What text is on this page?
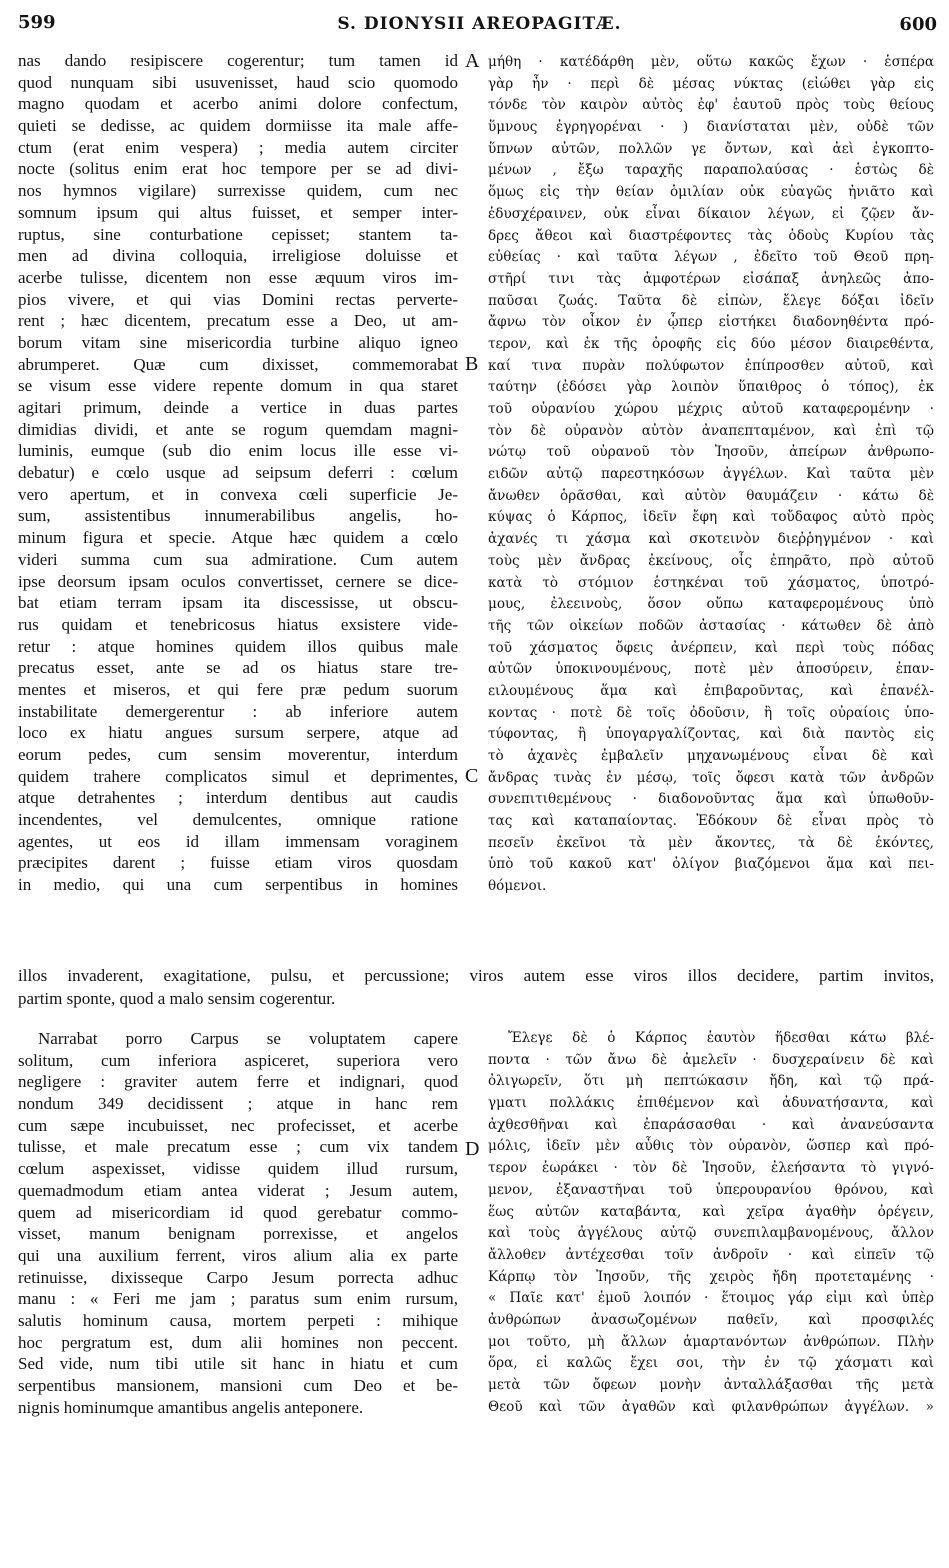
599	S. DIONYSII AREOPAGITÆ.	600
A
B
C
D
nas dando resipiscere cogerentur; tum tamen id
quod nunquam sibi usuvenisset, haud scio quomodo
magno quodam et acerbo animi dolore confectum,
quieti se dedisse, ac quidem dormiisse ita male affe-
ctum (erat enim vespera) ; media autem circiter
nocte (solitus enim erat hoc tempore per se ad divi-
nos hymnos vigilare) surrexisse quidem, cum nec
somnum ipsum qui altus fuisset, et semper inter-
ruptus, sine conturbatione cepisset; stantem ta-
men ad divina colloquia, irreligiose doluisse et
acerbe tulisse, dicentem non esse æquum viros im-
pios vivere, et qui vias Domini rectas perverte-
rent ; hæc dicentem, precatum esse a Deo, ut am-
borum vitam sine misericordia turbine aliquo igneo
abrumperet. Quæ cum dixisset, commemorabat
se visum esse videre repente domum in qua staret
agitari primum, deinde a vertice in duas partes
dimidias dividi, et ante se rogum quemdam magni-
luminis, eumque (sub dio enim locus ille esse vi-
debatur) e cœlo usque ad seipsum deferri : cœlum
vero apertum, et in convexa cœli superficie Je-
sum, assistentibus innumerabilibus angelis, ho-
minum figura et specie. Atque hæc quidem a cœlo
videri summa cum sua admiratione. Cum autem
ipse deorsum ipsam oculos convertisset, cernere se dice-
bat etiam terram ipsam ita discessisse, ut obscu-
rus quidam et tenebricosus hiatus exsistere vide-
retur : atque homines quidem illos quibus male
precatus esset, ante se ad os hiatus stare tre-
mentes et miseros, et qui fere præ pedum suorum
instabilitate demergerentur : ab inferiore autem
loco ex hiatu angues sursum serpere, atque ad
eorum pedes, cum sensim moverentur, interdum
quidem trahere complicatos simul et deprimentes,
atque detrahentes ; interdum dentibus aut caudis
incendentes, vel demulcentes, omnique ratione
agentes, ut eos id illam immensam voraginem
præcipites darent ; fuisse etiam viros quosdam
in medio, qui una cum serpentibus in homines
μήθη · κατέδάρθη μὲν, οὕτω κακῶς ἔχων · ἑσπέρα
γὰρ ἦν · περὶ δὲ μέσας νύκτας (εἰώθει γὰρ εἰς
τόνδε τὸν καιρὸν αὐτὸς ἐφ' ἑαυτοῦ πρὸς τοὺς θείους
ὕμνους ἐγρηγορέναι · ) διανίσταται μὲν, οὐδὲ τῶν
ὕπνων αὐτῶν, πολλῶν γε ὄντων, καὶ ἀεὶ ἐγκοπτο-
μένων , ἔξω ταραχῆς παραπολαύσας · ἑστὼς δὲ
ὅμως εἰς τὴν θείαν ὁμιλίαν οὐκ εὐαγῶς ἠνιᾶτο καὶ
ἐδυσχέραινεν, οὐκ εἶναι δίκαιον λέγων, εἰ ζῷεν ἄν-
δρες ἄθεοι καὶ διαστρέφοντες τὰς ὁδοὺς Κυρίου τὰς
εὐθείας · καὶ ταῦτα λέγων , ἐδεῖτο τοῦ Θεοῦ πρη-
στῆρί τινι τὰς ἀμφοτέρων εἰσάπαξ ἀνηλεῶς ἀπο-
παῦσαι ζωάς. Ταῦτα δὲ εἰπὼν, ἔλεγε δόξαι ἰδεῖν
ἄφνω τὸν οἶκον ἐν ᾧπερ εἱστήκει διαδονηθέντα πρό-
τερον, καὶ ἐκ τῆς ὀροφῆς εἰς δύο μέσον διαιρεθέντα,
καί τινα πυρὰν πολύφωτον ἐπίπροσθεν αὐτοῦ, καὶ
ταύτην (ἐδόσει γὰρ λοιπὸν ὕπαιθρος ὁ τόπος), ἐκ
τοῦ οὐρανίου χώρου μέχρις αὐτοῦ καταφερομένην ·
τὸν δὲ οὐρανὸν αὐτὸν ἀναπεπταμένον, καὶ ἐπὶ τῷ
νώτῳ τοῦ οὐρανοῦ τὸν Ἰησοῦν, ἀπείρων ἀνθρωπο-
ειδῶν αὐτῷ παρεστηκόσων ἀγγέλων. Καὶ ταῦτα μὲν
ἄνωθεν ὁρᾶσθαι, καὶ αὐτὸν θαυμάζειν · κάτω δὲ
κύψας ὁ Κάρπος, ἰδεῖν ἔφη καὶ τοὔδαφος αὐτὸ πρὸς
ἀχανές τι χάσμα καὶ σκοτεινὸν διεῤῥηγμένον · καὶ
τοὺς μὲν ἄνδρας ἐκείνους, οἷς ἐπηρᾶτο, πρὸ αὐτοῦ
κατὰ τὸ στόμιον ἑστηκέναι τοῦ χάσματος, ὑποτρό-
μους, ἐλεεινοὺς, ὅσον οὔπω καταφερομένους ὑπὸ
τῆς τῶν οἰκείων ποδῶν ἀστασίας · κάτωθεν δὲ ἀπὸ
τοῦ χάσματος ὄφεις ἀνέρπειν, καὶ περὶ τοὺς πόδας
αὐτῶν ὑποκινουμένους, ποτὲ μὲν ἀποσύρειν, ἐπαν-
ειλουμένους ἅμα καὶ ἐπιβαροῦντας, καὶ ἐπανέλ-
κοντας · ποτὲ δὲ τοῖς ὀδοῦσιν, ἢ τοῖς οὐραίοις ὑπο-
τύφοντας, ἢ ὑπογαργαλίζοντας, καὶ διὰ παντὸς εἰς
τὸ ἀχανὲς ἐμβαλεῖν μηχανωμένους εἶναι δὲ καὶ
ἄνδρας τινὰς ἐν μέσῳ, τοῖς ὄφεσι κατὰ τῶν ἀνδρῶν
συνεπιτιθεμένους · διαδονοῦντας ἅμα καὶ ὑπωθοῦν-
τας καὶ καταπαίοντας. Ἐδόκουν δὲ εἶναι πρὸς τὸ
πεσεῖν ἐκεῖνοι τὰ μὲν ἄκοντες, τὰ δὲ ἑκόντες,
ὑπὸ τοῦ κακοῦ κατ' ὀλίγον βιαζόμενοι ἅμα καὶ πει-
θόμενοι.
illos invaderent, exagitatione, pulsu, et percussione; viros autem esse viros illos decidere, partim invitos,
partim sponte, quod a malo sensim cogerentur.
Narrabat porro Carpus se voluptatem capere
solitum, cum inferiora aspiceret, superiora vero
negligere : graviter autem ferre et indignari, quod
nondum 349 decidissent ; atque in hanc rem
cum sæpe incubuisset, nec profecisset, et acerbe
tulisse, et male precatum esse ; cum vix tandem
cœlum aspexisset, vidisse quidem illud rursum,
quemadmodum etiam antea viderat ; Jesum autem,
quem ad misericordiam id quod gerebatur commo-
visset, manum benignam porrexisse, et angelos
qui una auxilium ferrent, viros alium alia ex parte
retinuisse, dixisseque Carpo Jesum porrecta adhuc
manu : « Feri me jam ; paratus sum enim rursum,
salutis hominum causa, mortem perpeti : mihique
hoc pergratum est, dum alii homines non peccent.
Sed vide, num tibi utile sit hanc in hiatu et cum
serpentibus mansionem, mansioni cum Deo et be-
nignis hominumque amantibus angelis anteponere.
Ἔλεγε δὲ ὁ Κάρπος ἑαυτὸν ἥδεσθαι κάτω βλέ-
ποντα · τῶν ἄνω δὲ ἀμελεῖν · δυσχεραίνειν δὲ καὶ
ὀλιγωρεῖν, ὅτι μὴ πεπτώκασιν ἤδη, καὶ τῷ πρά-
γματι πολλάκις ἐπιθέμενον καὶ ἀδυνατήσαντα, καὶ
ἀχθεσθῆναι καὶ ἐπαράσασθαι · καὶ ἀνανεύσαντα
μόλις, ἰδεῖν μὲν αὖθις τὸν οὐρανὸν, ὥσπερ καὶ πρό-
τερον ἑωράκει · τὸν δὲ Ἰησοῦν, ἐλεήσαντα τὸ γιγνό-
μενον, ἐξαναστῆναι τοῦ ὑπερουρανίου θρόνου, καὶ
ἕως αὐτῶν καταβάντα, καὶ χεῖρα ἀγαθὴν ὀρέγειν,
καὶ τοὺς ἀγγέλους αὐτῷ συνεπιλαμβανομένους, ἄλλον
ἄλλοθεν ἀντέχεσθαι τοῖν ἀνδροῖν · καὶ εἰπεῖν τῷ
Κάρπῳ τὸν Ἰησοῦν, τῆς χειρὸς ἤδη προτεταμένης ·
« Παῖε κατ' ἐμοῦ λοιπόν · ἕτοιμος γάρ εἰμι καὶ ὑπὲρ
ἀνθρώπων ἀνασωζομένων παθεῖν, καὶ προσφιλές
μοι τοῦτο, μὴ ἄλλων ἁμαρτανόντων ἀνθρώπων. Πλὴν
ὅρα, εἰ καλῶς ἔχει σοι, τὴν ἐν τῷ χάσματι καὶ
μετὰ τῶν ὄφεων μονὴν ἀνταλλάξασθαι τῆς μετὰ
Θεοῦ καὶ τῶν ἀγαθῶν καὶ φιλανθρώπων ἀγγέλων. »
